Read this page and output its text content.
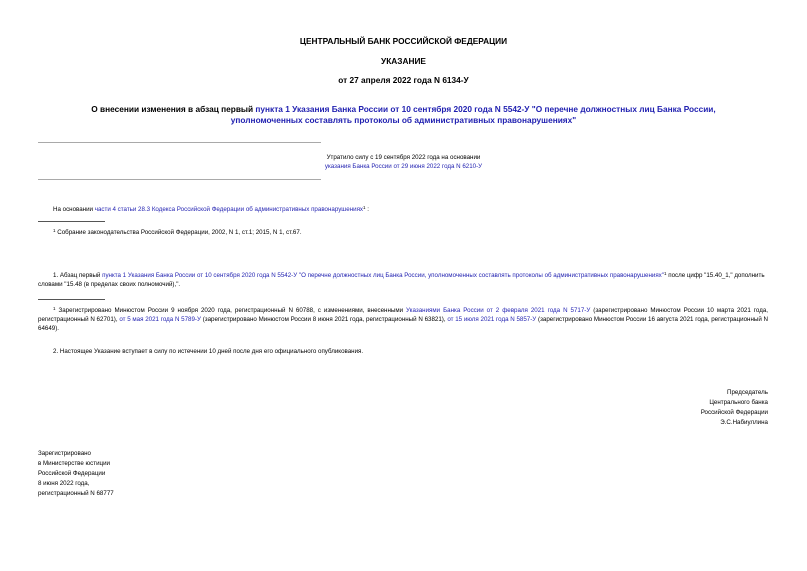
ЦЕНТРАЛЬНЫЙ БАНК РОССИЙСКОЙ ФЕДЕРАЦИИ
УКАЗАНИЕ
от 27 апреля 2022 года N 6134-У
О внесении изменения в абзац первый пункта 1 Указания Банка России от 10 сентября 2020 года N 5542-У "О перечне должностных лиц Банка России,
уполномоченных составлять протоколы об административных правонарушениях"
Утратило силу с 19 сентября 2022 года на основании
указания Банка России от 29 июня 2022 года N 6210-У
На основании части 4 статьи 28.3 Кодекса Российской Федерации об административных правонарушениях$^1$ :
$^1$ Собрание законодательства Российской Федерации, 2002, N 1, ст.1; 2015, N 1, ст.67.
1. Абзац первый пункта 1 Указания Банка России от 10 сентября 2020 года N 5542-У "О перечне должностных лиц Банка России, уполномоченных составлять протоколы об административных правонарушениях"$^1$ после цифр "15.40_1," дополнить словами "15.48 (в пределах своих полномочий),".
$^1$ Зарегистрировано Минюстом России 9 ноября 2020 года, регистрационный N 60788, с изменениями, внесенными Указаниями Банка России от 2 февраля 2021 года N 5717-У (зарегистрировано Минюстом России 10 марта 2021 года, регистрационный N 62701), от 5 мая 2021 года N 5789-У (зарегистрировано Минюстом России 8 июня 2021 года, регистрационный N 63821), от 15 июля 2021 года N 5857-У (зарегистрировано Минюстом России 16 августа 2021 года, регистрационный N 64649).
2. Настоящее Указание вступает в силу по истечении 10 дней после дня его официального опубликования.
Председатель
Центрального банка
Российской Федерации
Э.С.Набиуллина
Зарегистрировано
в Министерстве юстиции
Российской Федерации
8 июня 2022 года,
регистрационный N 68777
